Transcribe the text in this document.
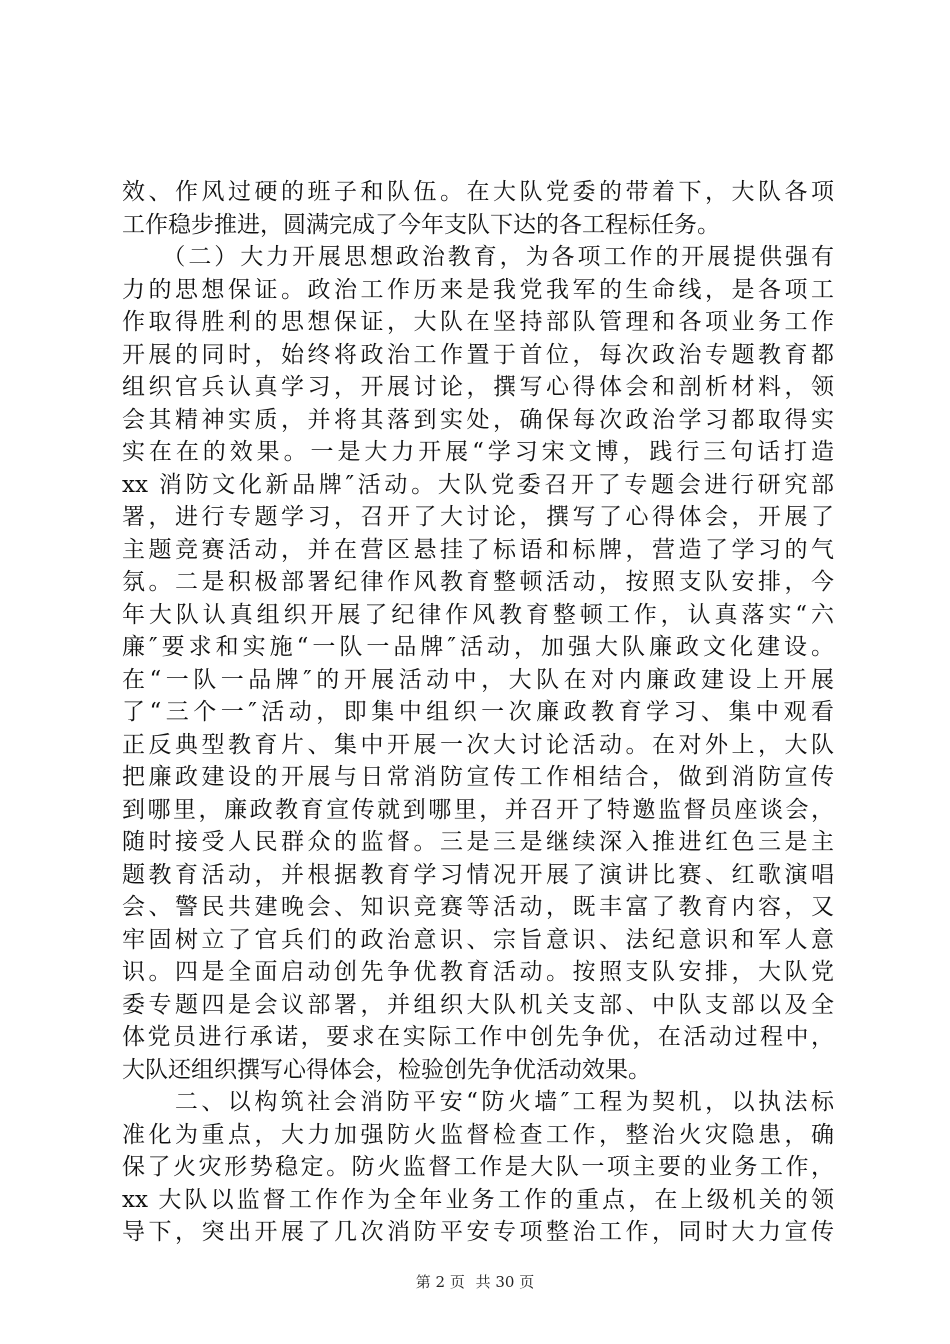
效、作风过硬的班子和队伍。在大队党委的带着下，大队各项
工作稳步推进，圆满完成了今年支队下达的各工程标任务。
　　（二）大力开展思想政治教育，为各项工作的开展提供强有
力的思想保证。政治工作历来是我党我军的生命线，是各项工
作取得胜利的思想保证，大队在坚持部队管理和各项业务工作
开展的同时，始终将政治工作置于首位，每次政治专题教育都
组织官兵认真学习，开展讨论，撰写心得体会和剖析材料，领
会其精神实质，并将其落到实处，确保每次政治学习都取得实
实在在的效果。一是大力开展“学习宋文博，践行三句话打造
xx 消防文化新品牌″活动。大队党委召开了专题会进行研究部
署，进行专题学习，召开了大讨论，撰写了心得体会，开展了
主题竞赛活动，并在营区悬挂了标语和标牌，营造了学习的气
氛。二是积极部署纪律作风教育整顿活动，按照支队安排，今
年大队认真组织开展了纪律作风教育整顿工作，认真落实“六
廉″要求和实施“一队一品牌″活动，加强大队廉政文化建设。
在“一队一品牌″的开展活动中，大队在对内廉政建设上开展
了“三个一″活动，即集中组织一次廉政教育学习、集中观看
正反典型教育片、集中开展一次大讨论活动。在对外上，大队
把廉政建设的开展与日常消防宣传工作相结合，做到消防宣传
到哪里，廉政教育宣传就到哪里，并召开了特邀监督员座谈会，
随时接受人民群众的监督。三是三是继续深入推进红色三是主
题教育活动，并根据教育学习情况开展了演讲比赛、红歌演唱
会、警民共建晚会、知识竞赛等活动，既丰富了教育内容，又
牢固树立了官兵们的政治意识、宗旨意识、法纪意识和军人意
识。四是全面启动创先争优教育活动。按照支队安排，大队党
委专题四是会议部署，并组织大队机关支部、中队支部以及全
体党员进行承诺，要求在实际工作中创先争优，在活动过程中，
大队还组织撰写心得体会，检验创先争优活动效果。
　　二、以构筑社会消防平安“防火墙″工程为契机，以执法标
准化为重点，大力加强防火监督检查工作，整治火灾隐患，确
保了火灾形势稳定。防火监督工作是大队一项主要的业务工作，
xx 大队以监督工作作为全年业务工作的重点，在上级机关的领
导下，突出开展了几次消防平安专项整治工作，同时大力宣传
第 2 页 共 30 页
